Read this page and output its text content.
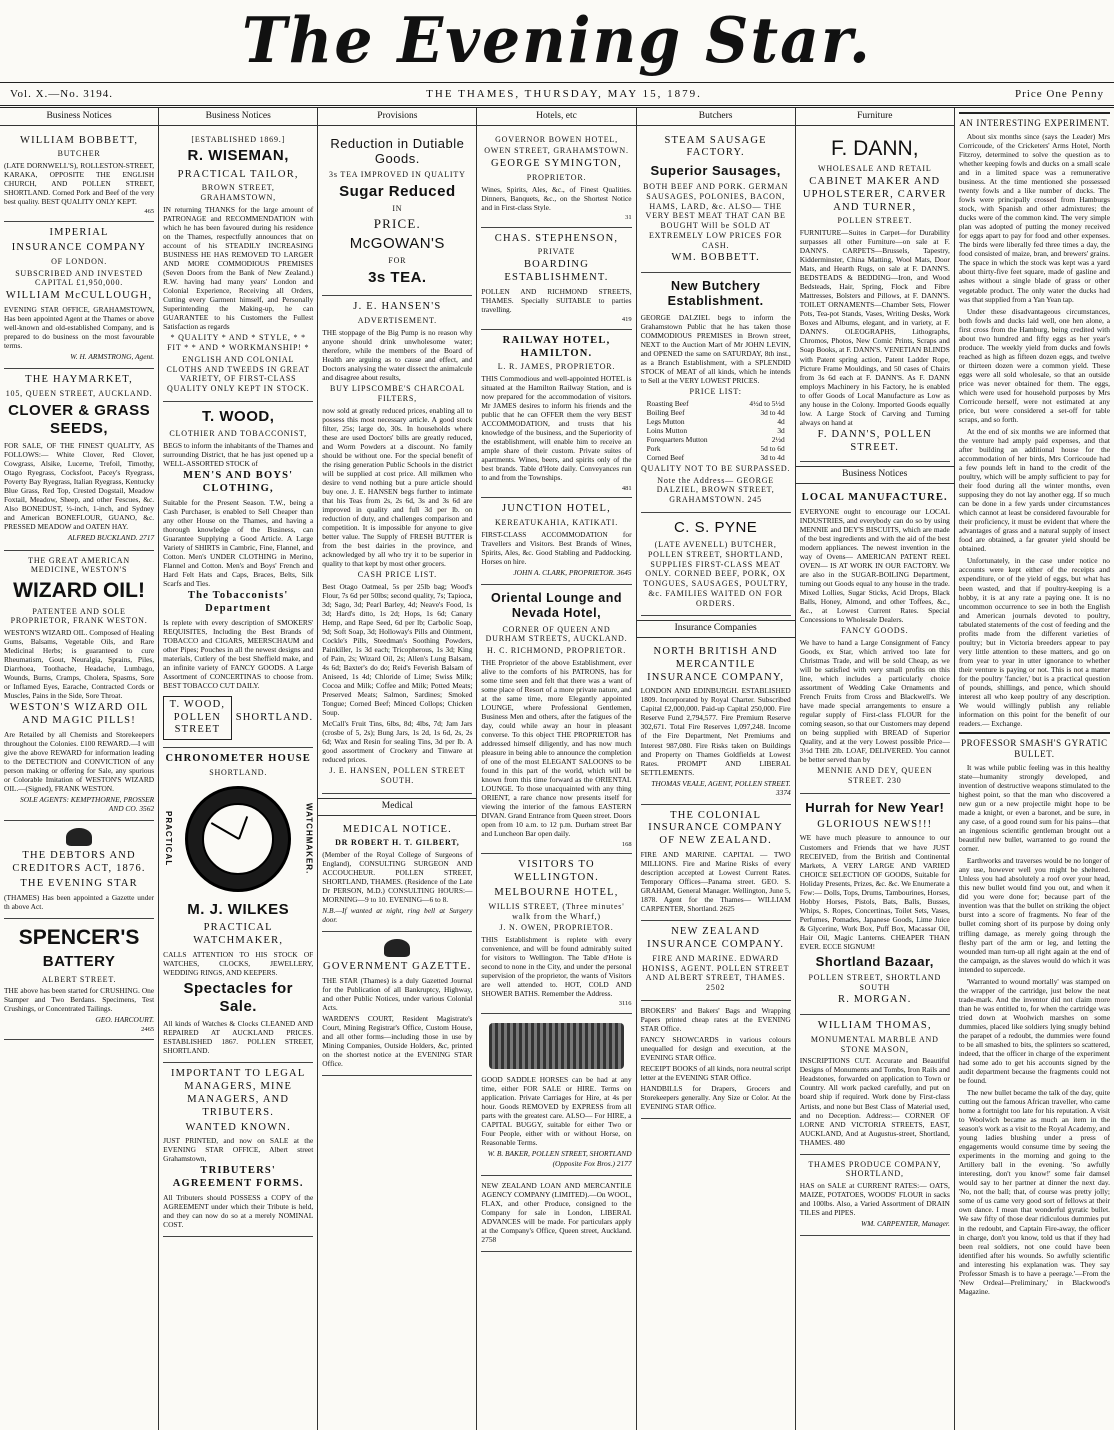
The Evening Star.
Vol. X.—No. 3194.	THE THAMES, THURSDAY, MAY 15, 1879.	Price One Penny
Business Notices
WILLIAM BOBBETT,
BUTCHER
(LATE DORNWELL'S), ROLLESTON-STREET, KARAKA, OPPOSITE THE ENGLISH CHURCH, AND POLLEN STREET, SHORTLAND. Corned Pork and Beef of the very best quality. BEST QUALITY ONLY KEPT.
465
IMPERIAL
INSURANCE COMPANY
OF LONDON.
SUBSCRIBED AND INVESTED CAPITAL £1,950,000.
WILLIAM McCULLOUGH,
EVENING STAR OFFICE, GRAHAMSTOWN, Has been appointed Agent at the Thames or above well-known and old-established Company, and is prepared to do business on the most favourable terms.
W. H. ARMSTRONG, Agent.
THE HAYMARKET,
105, QUEEN STREET, AUCKLAND.
CLOVER & GRASS SEEDS,
FOR SALE, OF THE FINEST QUALITY, AS FOLLOWS:— White Clover, Red Clover, Cowgrass, Alsike, Lucerne, Trefoil, Timothy, Otago Ryegrass, Cocksfoot, Pacey's Ryegrass, Poverty Bay Ryegrass, Italian Ryegrass, Kentucky Blue Grass, Red Top, Crested Dogstail, Meadow Foxtail, Meadow, Sheep, and other Fescues, &c. Also BONEDUST, ½-inch, 1-inch, and Sydney and American BONEFLOUR, GUANO, &c. PRESSED MEADOW and OATEN HAY.
ALFRED BUCKLAND. 2717
THE GREAT AMERICAN MEDICINE, WESTON'S
WIZARD OIL!
PATENTEE AND SOLE PROPRIETOR, FRANK WESTON.
WESTON'S WIZARD OIL. Composed of Healing Gums, Balsams, Vegetable Oils, and Rare Medicinal Herbs; is guaranteed to cure Rheumatism, Gout, Neuralgia, Sprains, Piles, Diarrhoea, Toothache, Headache, Lumbago, Wounds, Burns, Cramps, Cholera, Spasms, Sore or Inflamed Eyes, Earache, Contracted Cords or Muscles, Pains in the Side, Sore Throat.
WESTON'S WIZARD OIL AND MAGIC PILLS!
Are Retailed by all Chemists and Storekeepers throughout the Colonies. £100 REWARD.—I will give the above REWARD for information leading to the DETECTION and CONVICTION of any person making or offering for Sale, any spurious or Colorable Imitation of WESTON'S WIZARD OIL.—(Signed), FRANK WESTON.
SOLE AGENTS: KEMPTHORNE, PROSSER AND CO. 3562
THE DEBTORS AND CREDITORS ACT, 1876.
THE EVENING STAR
(THAMES) Has been appointed a Gazette under th above Act.
SPENCER'S
BATTERY
ALBERT STREET.
THE above has been started for CRUSHING. One Stamper and Two Berdans. Specimens, Test Crushings, or Concentrated Tailings.
GEO. HARCOURT.
2465
Business Notices
[ESTABLISHED 1869.]
R. WISEMAN,
PRACTICAL TAILOR,
BROWN STREET, GRAHAMSTOWN,
IN returning THANKS for the large amount of PATRONAGE and RECOMMENDATION with which he has been favoured during his residence on the Thames, respectfully announces that on account of his STEADILY INCREASING BUSINESS HE HAS REMOVED TO LARGER AND MORE COMMODIOUS PREMISES (Seven Doors from the Bank of New Zealand.) R.W. having had many years' London and Colonial Experience, Receiving all Orders, Cutting every Garment himself, and Personally Superintending the Making-up, he can GUARANTEE to his Customers the Fullest Satisfaction as regards
* QUALITY * AND * STYLE, * * FIT * * AND * WORKMANSHIP! *
ENGLISH AND COLONIAL CLOTHS AND TWEEDS IN GREAT VARIETY, OF FIRST-CLASS QUALITY ONLY KEPT IN STOCK.
T. WOOD,
CLOTHIER AND TOBACCONIST,
BEGS to inform the inhabitants of the Thames and surrounding District, that he has just opened up a WELL-ASSORTED STOCK of
MEN'S AND BOYS' CLOTHING,
Suitable for the Present Season. T.W., being a Cash Purchaser, is enabled to Sell Cheaper than any other House on the Thames, and having a thorough knowledge of the Business, can Guarantee Supplying a Good Article. A Large Variety of SHIRTS in Cambric, Fine, Flannel, and Cotton. Men's UNDER CLOTHING in Merino, Flannel and Cotton. Men's and Boys' French and Hard Felt Hats and Caps, Braces, Belts, Silk Scarfs and Ties.
The Tobacconists' Department
Is replete with every description of SMOKERS' REQUISITES, Including the Best Brands of TOBACCO and CIGARS, MEERSCHAUM and other Pipes; Pouches in all the newest designs and materials, Cutlery of the best Sheffield make, and an infinite variety of FANCY GOODS. A Large Assortment of CONCERTINAS to choose from. BEST TOBACCO CUT DAILY.
T. WOOD, POLLEN STREET
SHORTLAND.
CHRONOMETER HOUSE
SHORTLAND.
PRACTICAL	WATCHMAKER.
M. J. WILKES
PRACTICAL WATCHMAKER,
CALLS ATTENTION TO HIS STOCK OF WATCHES, CLOCKS, JEWELLERY, WEDDING RINGS, AND KEEPERS.
Spectacles for Sale.
All kinds of Watches & Clocks CLEANED AND REPAIRED AT AUCKLAND PRICES. ESTABLISHED 1867. POLLEN STREET, SHORTLAND.
IMPORTANT TO LEGAL MANAGERS, MINE MANAGERS, AND TRIBUTERS.
WANTED KNOWN.
JUST PRINTED, and now on SALE at the EVENING STAR OFFICE, Albert street Grahamstown,
TRIBUTERS' AGREEMENT FORMS.
All Tributers should POSSESS a COPY of the AGREEMENT under which their Tribute is held, and they can now do so at a merely NOMINAL COST.
Provisions
Reduction in Dutiable Goods.
3s TEA IMPROVED IN QUALITY
Sugar Reduced
IN
PRICE.
McGOWAN'S
FOR
3s TEA.
J. E. HANSEN'S
ADVERTISEMENT.
THE stoppage of the Big Pump is no reason why anyone should drink unwholesome water; therefore, while the members of the Board of Health are arguing as to cause and effect, and Doctors analysing the water dissect the animalcule and disagree about results,
BUY LIPSCOMBE'S CHARCOAL FILTERS,
now sold at greatly reduced prices, enabling all to possess this most necessary article. A good stock filter, 25s; large do, 30s. In households where these are used Doctors' bills are greatly reduced, and Worm Powders at a discount. No family should be without one. For the special benefit of the rising generation Public Schools in the district will be supplied at cost price. All milkmen who desire to vend nothing but a pure article should buy one. J. E. HANSEN begs further to intimate that his Teas from 2s, 2s 6d, 3s and 3s 6d are improved in quality and full 3d per lb. on reduction of duty, and challenges comparison and competition. It is impossible for anyone to give better value. The Supply of FRESH BUTTER is from the best dairies in the province, and acknowledged by all who try it to be superior in quality to that kept by most other grocers.
CASH PRICE LIST.
Best Otago Oatmeal, 5s per 25lb bag; Wood's Flour, 7s 6d per 50lbs; second quality, 7s; Tapioca, 3d; Sago, 3d; Pearl Barley, 4d; Neave's Food, 1s 3d; Hard's ditto, 1s 2d; Hops, 1s 6d; Canary Hemp, and Rape Seed, 6d per lb; Carbolic Soap, 9d; Soft Soap, 3d; Holloway's Pills and Ointment, Cockle's Pills, Steedman's Soothing Powders, Painkiller, 1s 3d each; Tricopherous, 1s 3d; King of Pain, 2s; Wizard Oil, 2s; Allen's Lung Balsam, 4s 6d; Baxter's do do; Reid's Feverish Balsam of Aniseed, 1s 4d; Chloride of Lime; Swiss Milk; Cocoa and Milk; Coffee and Milk; Potted Meats; Preserved Meats; Salmon, Sardines; Smoked Tongue; Corned Beef; Minced Collops; Chicken Soup.
McCall's Fruit Tins, 6lbs, 8d; 4lbs, 7d; Jam Jars (crosbe of 5, 2s); Bung Jars, 1s 2d, 1s 6d, 2s, 2s 6d; Wax and Resin for sealing Tins, 3d per lb. A good assortment of Crockery and Tinware at reduced prices.
J. E. HANSEN, POLLEN STREET SOUTH.
Medical
MEDICAL NOTICE.
DR ROBERT H. T. GILBERT,
(Member of the Royal College of Surgeons of England), CONSULTING SURGEON AND ACCOUCHEUR. POLLEN STREET, SHORTLAND, THAMES. (Residence of the Late Dr PERSON, M.D.) CONSULTING HOURS:— MORNING—9 to 10. EVENING—6 to 8.
N.B.—If wanted at night, ring bell at Surgery door.
GOVERNMENT GAZETTE.
THE STAR (Thames) is a duly Gazetted Journal for the Publication of all Bankruptcy, Highway, and other Public Notices, under various Colonial Acts.
WARDEN'S COURT, Resident Magistrate's Court, Mining Registrar's Office, Custom House, and all other forms—including those in use by Mining Companies, Outside Holders, &c, printed on the shortest notice at the EVENING STAR Office.
Hotels, etc
GOVERNOR BOWEN HOTEL,
OWEN STREET, GRAHAMSTOWN.
GEORGE SYMINGTON,
PROPRIETOR.
Wines, Spirits, Ales, &c., of Finest Qualities. Dinners, Banquets, &c., on the Shortest Notice and in First-class Style.
31
CHAS. STEPHENSON,
PRIVATE
BOARDING ESTABLISHMENT.
POLLEN AND RICHMOND STREETS, THAMES. Specially SUITABLE to parties travelling.
419
RAILWAY HOTEL, HAMILTON.
L. R. JAMES, PROPRIETOR.
THIS Commodious and well-appointed HOTEL is situated at the Hamilton Railway Station, and is now prepared for the accommodation of visitors. Mr JAMES desires to inform his friends and the public that he can OFFER them the very BEST ACCOMMODATION, and trusts that his knowledge of the business, and the Superiority of the establishment, will enable him to receive an ample share of their custom. Private suites of apartments. Wines, beers, and spirits only of the best brands. Table d'Hote daily. Conveyances run to and from the Townships.
481
JUNCTION HOTEL,
KEREATUKAHIA, KATIKATI.
FIRST-CLASS ACCOMMODATION for Travellers and Visitors. Best Brands of Wines, Spirits, Ales, &c. Good Stabling and Paddocking. Horses on hire.
JOHN A. CLARK, PROPRIETOR. 3645
Oriental Lounge and Nevada Hotel,
CORNER OF QUEEN AND DURHAM STREETS, AUCKLAND.
H. C. RICHMOND, PROPRIETOR.
THE Proprietor of the above Establishment, ever alive to the comforts of his PATRONS, has for some time seen and felt that there was a want of some place of Resort of a more private nature, and at the same time, more Elegantly appointed LOUNGE, where Professional Gentlemen, Business Men and others, after the fatigues of the day, could while away an hour in pleasant converse. To this object THE PROPRIETOR has addressed himself diligently, and has now much pleasure in being able to announce the completion of one of the most ELEGANT SALOONS to be found in this part of the world, which will be known from this time forward as the ORIENTAL LOUNGE. To those unacquainted with any thing ORIENT, a rare chance now presents itself for viewing the interior of the famous EASTERN DIVAN. Grand Entrance from Queen street. Doors open from 10 a.m. to 12 p.m. Durham street Bar and Luncheon Bar open daily.
168
VISITORS TO WELLINGTON.
MELBOURNE HOTEL,
WILLIS STREET, (Three minutes' walk from the Wharf,)
J. N. OWEN, PROPRIETOR.
THIS Establishment is replete with every convenience, and will be found admirably suited for visitors to Wellington. The Table d'Hote is second to none in the City, and under the personal supervision of the proprietor, the wants of Visitors are well attended to. HOT, COLD AND SHOWER BATHS. Remember the Address.
3116
GOOD SADDLE HORSES can be had at any time, either FOR SALE or HIRE. Terms on application. Private Carriages for Hire, at 4s per hour. Goods REMOVED by EXPRESS from all parts with the greatest care. ALSO— For HIRE, a CAPITAL BUGGY, suitable for either Two or Four People, either with or without Horse, on Reasonable Terms.
W. B. BAKER, POLLEN STREET, SHORTLAND (Opposite Fox Bros.) 2177
NEW ZEALAND LOAN AND MERCANTILE AGENCY COMPANY (LIMITED).—On WOOL, FLAX, and other Produce, consigned to the Company for sale in London, LIBERAL ADVANCES will be made. For particulars apply at the Company's Office, Queen street, Auckland. 2758
Butchers
STEAM SAUSAGE FACTORY.
Superior Sausages,
BOTH BEEF AND PORK. GERMAN SAUSAGES, POLONIES, BACON, HAMS, LARD, &c. ALSO— THE VERY BEST MEAT THAT CAN BE BOUGHT Will be SOLD AT EXTREMELY LOW PRICES FOR CASH.
WM. BOBBETT.
New Butchery Establishment.
GEORGE DALZIEL begs to inform the Grahamstown Public that he has taken those COMMODIOUS PREMISES in Brown street, NEXT to the Auction Mart of Mr JOHN LEVIN, and OPENED the same on SATURDAY, 8th inst., as a Branch Establishment, with a SPLENDID STOCK of MEAT of all kinds, which he intends to Sell at the VERY LOWEST PRICES.
PRICE LIST:
Roasting Beef	4½d to 5½d
Boiling Beef	3d to 4d
Legs Mutton	4d
Loins Mutton	3d
Forequarters Mutton	2½d
Pork	5d to 6d
Corned Beef	3d to 4d
QUALITY NOT TO BE SURPASSED.
Note the Address— GEORGE DALZIEL, BROWN STREET, GRAHAMSTOWN. 245
C. S. PYNE
(LATE AVENELL) BUTCHER, POLLEN STREET, SHORTLAND, SUPPLIES FIRST-CLASS MEAT ONLY. CORNED BEEF, PORK, OX TONGUES, SAUSAGES, POULTRY, &c. FAMILIES WAITED ON FOR ORDERS.
Insurance Companies
NORTH BRITISH AND MERCANTILE INSURANCE COMPANY,
LONDON AND EDINBURGH. ESTABLISHED 1809. Incorporated by Royal Charter. Subscribed Capital £2,000,000. Paid-up Capital 250,000. Fire Reserve Fund 2,794,577. Fire Premium Reserve 302,671. Total Fire Reserves 1,097,248. Income of the Fire Department, Net Premiums and Interest 987,080. Fire Risks taken on Buildings and Property on Thames Goldfields at Lowest Rates. PROMPT AND LIBERAL SETTLEMENTS.
THOMAS VEALE, AGENT, POLLEN STREET. 3374
THE COLONIAL INSURANCE COMPANY OF NEW ZEALAND.
FIRE AND MARINE. CAPITAL — TWO MILLIONS. Fire and Marine Risks of every description accepted at Lowest Current Rates. Temporary Offices—Panama street. GEO. S. GRAHAM, General Manager. Wellington, June 5, 1878. Agent for the Thames— WILLIAM CARPENTER, Shortland. 2625
NEW ZEALAND INSURANCE COMPANY.
FIRE AND MARINE. EDWARD HONISS, AGENT. POLLEN STREET AND ALBERT STREET, THAMES. 2502
BROKERS' and Bakers' Bags and Wrapping Papers printed cheap rates at the EVENING STAR Office.
FANCY SHOWCARDS in various colours unequalled for design and execution, at the EVENING STAR Office.
RECEIPT BOOKS of all kinds, nora neutral script letter at the EVENING STAR Office.
HANDBILLS for Drapers, Grocers and Storekeepers generally. Any Size or Color. At the EVENING STAR Office.
Furniture
F. DANN,
WHOLESALE AND RETAIL
CABINET MAKER AND UPHOLSTERER, CARVER AND TURNER,
POLLEN STREET.
FURNITURE—Suites in Carpet—for Durability surpasses all other Furniture—on sale at F. DANN'S. CARPETS—Brussels, Tapestry, Kidderminster, China Matting, Wool Mats, Door Mats, and Hearth Rugs, on sale at F. DANN'S. BEDSTEADS & BEDDING—Iron, and Wood Bedsteads, Hair, Spring, Flock and Fibre Mattresses, Bolsters and Pillows, at F. DANN'S. TOILET ORNAMENTS—Chamber Sets, Flower Pots, Tea-pot Stands, Vases, Writing Desks, Work Boxes and Albums, elegant, and in variety, at F. DANN'S. OLEOGRAPHS, Lithographs, Chromos, Photos, New Comic Prints, Scraps and Soap Books, at F. DANN'S. VENETIAN BLINDS with Patent spring action, Patent Ladder Rope, Picture Frame Mouldings, and 50 cases of Chairs from 3s 6d each at F. DANN'S. As F. DANN employs Machinery in his Factory, he is enabled to offer Goods of Local Manufacture as Low as any house in the Colony. Imported Goods equally low. A Large Stock of Carving and Turning always on hand at
F. DANN'S, POLLEN STREET.
Business Notices
LOCAL MANUFACTURE.
EVERYONE ought to encourage our LOCAL INDUSTRIES, and everybody can do so by using MENNIE and DEY'S BISCUITS, which are made of the best ingredients and with the aid of the best modern appliances. The newest invention in the way of Ovens— AMERICAN PATENT REEL OVEN— IS AT WORK IN OUR FACTORY. We are also in the SUGAR-BOILING Department, turning out Goods equal to any house in the trade. Mixed Lollies, Sugar Sticks, Acid Drops, Black Balls, Honey, Almond, and other Toffees, &c., &c., at Lowest Current Rates. Special Concessions to Wholesale Dealers.
FANCY GOODS.
We have to hand a Large Consignment of Fancy Goods, ex Star, which arrived too late for Christmas Trade, and will be sold Cheap, as we will be satisfied with very small profits on this line, which includes a particularly choice assortment of Wedding Cake Ornaments and French Fruits from Cross and Blackwell's. We have made special arrangements to ensure a regular supply of First-class FLOUR for the coming season, so that our Customers may depend on being supplied with BREAD of Superior Quality, and at the very Lowest possible Price— 3½d THE 2lb. LOAF, DELIVERED. You cannot be better served than by
MENNIE AND DEY, QUEEN STREET. 230
Hurrah for New Year!
GLORIOUS NEWS!!!
WE have much pleasure to announce to our Customers and Friends that we have JUST RECEIVED, from the British and Continental Markets, A VERY LARGE AND VARIED CHOICE SELECTION OF GOODS, Suitable for Holiday Presents, Prizes, &c. &c. We Enumerate a Few:— Dolls, Tops, Drums, Tambourines, Horses, Hobby Horses, Pistols, Bats, Balls, Busses, Whips, S. Ropes, Concertinas, Toilet Sets, Vases, Perfumes, Pomades, Japanese Goods, Lime Juice & Glycerine, Work Box, Puff Box, Macassar Oil, Hair Oil, Magic Lanterns. CHEAPER THAN EVER. ECCE SIGNUM!
Shortland Bazaar,
POLLEN STREET, SHORTLAND SOUTH
R. MORGAN.
WILLIAM THOMAS,
MONUMENTAL MARBLE AND STONE MASON,
INSCRIPTIONS CUT. Accurate and Beautiful Designs of Monuments and Tombs, Iron Rails and Headstones, forwarded on application to Town or Country. All work packed carefully, and put on board ship if required. Work done by First-class Artists, and none but Best Class of Material used, and no Deception. Address:— CORNER OF LORNE AND VICTORIA STREETS, EAST, AUCKLAND, And at Augustus-street, Shortland, THAMES. 480
THAMES PRODUCE COMPANY, SHORTLAND,
HAS on SALE at CURRENT RATES:— OATS, MAIZE, POTATOES, WOODS' FLOUR in sacks and 100lbs. Also, a Varied Assortment of DRAIN TILES and PIPES.
WM. CARPENTER, Manager.
AN INTERESTING EXPERIMENT.

About six months since (says the Leader) Mrs Corricoude, of the Cricketers' Arms Hotel, North Fitzroy, determined to solve the question as to whether keeping fowls and ducks on a small scale and in a limited space was a remunerative business. At the time mentioned she possessed twenty fowls and a like number of ducks. The fowls were principally crossed from Hamburgs stock, with Spanish and other admixtures; the ducks were of the common kind. The very simple plan was adopted of putting the money received for eggs apart to pay for food and other expenses. The birds were liberally fed three times a day, the food consisted of maize, bran, and brewers' grains. The space in which the stock was kept was a yard about thirty-five feet square, made of gasline and ashes without a single blade of grass or other vegetable product. The only water the ducks had was that supplied from a Yan Yean tap.

Under these disadvantageous circumstances, both fowls and ducks laid well, one hen alone, a first cross from the Hamburg, being credited with about two hundred and fifty eggs as her year's produce. The weekly yield from ducks and fowls reached as high as fifteen dozen eggs, and twelve or thirteen dozen were a common yield. These eggs were all sold wholesale, so that an outside price was never obtained for them. The eggs, which were used for household purposes by Mrs Corricoude herself, were not estimated at any price, but were considered a set-off for table scraps, and so forth.

At the end of six months we are informed that the venture had amply paid expenses, and that after building an additional house for the accommodation of her birds, Mrs Corricoude had a few pounds left in hand to the credit of the poultry, which will be amply sufficient to pay for their food during all the winter months, even supposing they do not lay another egg. If so much can be done in a few yards under circumstances which cannot at least be considered favourable for their proficiency, it must be evident that where the advantages of grass and a natural supply of insect food are obtained, a far greater yield should be obtained.

Unfortunately, in the case under notice no accounts were kept either of the receipts and expenditure, or of the yield of eggs, but what has been wasted, and that if poultry-keeping is a hobby, it is at any rate a paying one. It is no uncommon occurrence to see in both the English and American journals devoted to poultry, tabulated statements of the cost of feeding and the profits made from the different varieties of poultry; but in Victoria breeders appear to pay very little attention to these matters, and go on from year to year in utter ignorance to whether their venture is paying or not. This is not a matter for the poultry 'fancier,' but is a practical question of pounds, shillings, and pence, which should interest all who keep poultry of any description. We would willingly publish any reliable information on this point for the benefit of our readers.— Exchange.

PROFESSOR SMASH'S GYRATIC BULLET.

It was while public feeling was in this healthy state—humanity strongly developed, and invention of destructive weapons stimulated to the highest point, so that the man who discovered a new gun or a new projectile might hope to be made a knight, or even a baronet, and be sure, in any case, of a good round sum for his pains—that an ingenious scientific gentleman brought out a beautiful new bullet, warranted to go round the corner.

Earthworks and traverses would be no longer of any use, however well you might be sheltered. Unless you had absolutely a roof over your head, this new bullet would find you out, and when it did you were done for; because part of the invention was that the bullet on striking the object burst into a score of fragments. No fear of the bullet coming short of its purpose by doing only trifling damage, as merely going through the fleshy part of the arm or leg, and letting the wounded man turn-up all right again at the end of the campaign, as the slaves would do which it was intended to supercede.

'Warranted to wound mortally' was stamped on the wrapper of the cartridge, just below the neat trade-mark. And the inventor did not claim more than he was entitled to, for when the cartridge was tried down at Woolwich marshes on some dummies, placed like soldiers lying snugly behind the parapet of a redoubt, the dummies were found to be all smashed to bits, the splinters so scattered, indeed, that the officer in charge of the experiment had some ado to get his accounts signed by the audit department because the fragments could not be found.

The new bullet became the talk of the day, quite cutting out the famous African traveller, who came home a fortnight too late for his reputation. A visit to Woolwich became as much an item in the season's work as a visit to the Royal Academy, and young ladies blushing under a press of engagements would consume time by seeing the experiments in the morning and going to the Artillery ball in the evening. 'So awfully interesting, don't you know!' some fair damsel would say to her partner at dinner the next day. 'No, not the ball; that, of course was pretty jolly; some of us came very good sort of fellows at their own dance. I mean that wonderful gyratic bullet. We saw fifty of those dear ridiculous dummies put in the redoubt, and Captain Fire-away, the officer in charge, don't you know, told us that if they had been real soldiers, not one could have been identified after his wounds. So awfully scientific and interesting his explanation was. They say Professor Smash is to have a peerage.'—From the 'New Ordeal—Preliminary,' in Blackwood's Magazine.
